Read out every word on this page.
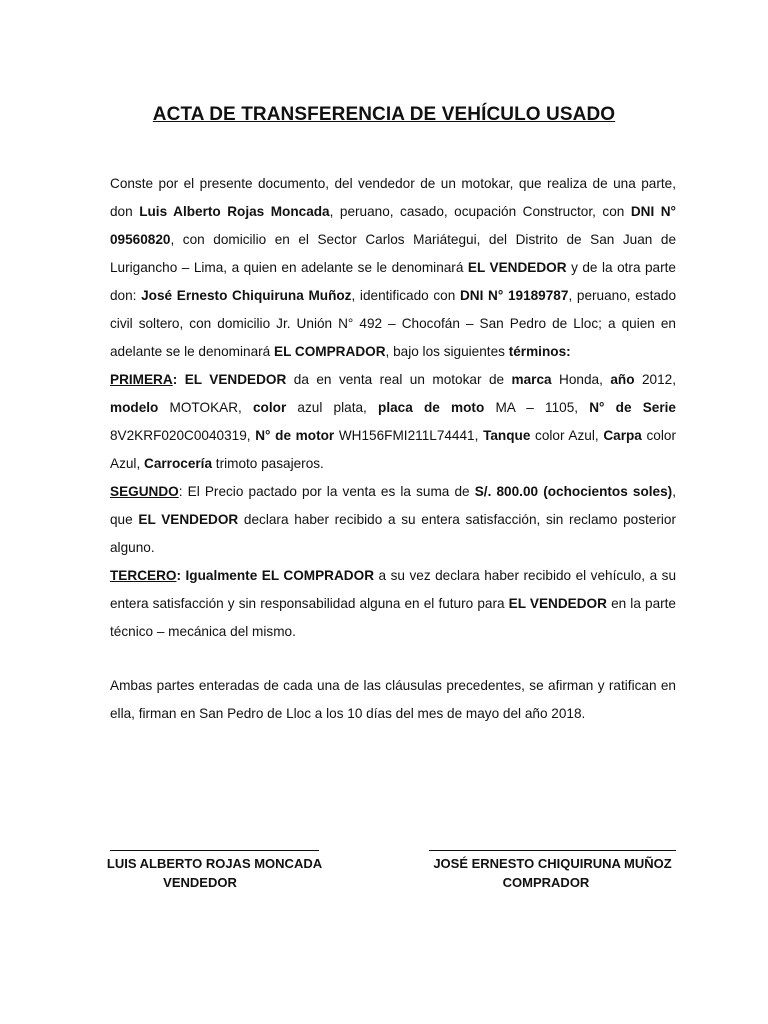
ACTA DE TRANSFERENCIA DE VEHÍCULO USADO

Conste por el presente documento, del vendedor de un motokar, que realiza de una parte, don Luis Alberto Rojas Moncada, peruano, casado, ocupación Constructor, con DNI N° 09560820, con domicilio en el Sector Carlos Mariátegui, del Distrito de San Juan de Lurigancho – Lima, a quien en adelante se le denominará EL VENDEDOR y de la otra parte don: José Ernesto Chiquiruna Muñoz, identificado con DNI N° 19189787, peruano, estado civil soltero, con domicilio Jr. Unión N° 492 – Chocofán – San Pedro de Lloc; a quien en adelante se le denominará EL COMPRADOR, bajo los siguientes términos:

PRIMERA: EL VENDEDOR da en venta real un motokar de marca Honda, año 2012, modelo MOTOKAR, color azul plata, placa de moto MA – 1105, N° de Serie 8V2KRF020C0040319, N° de motor WH156FMI211L74441, Tanque color Azul, Carpa color Azul, Carrocería trimoto pasajeros.

SEGUNDO: El Precio pactado por la venta es la suma de S/. 800.00 (ochocientos soles), que EL VENDEDOR declara haber recibido a su entera satisfacción, sin reclamo posterior alguno.

TERCERO: Igualmente EL COMPRADOR a su vez declara haber recibido el vehículo, a su entera satisfacción y sin responsabilidad alguna en el futuro para EL VENDEDOR en la parte técnico – mecánica del mismo.

Ambas partes enteradas de cada una de las cláusulas precedentes, se afirman y ratifican en ella, firman en San Pedro de Lloc a los 10 días del mes de mayo del año 2018.

LUIS ALBERTO ROJAS MONCADA
VENDEDOR
JOSÉ ERNESTO CHIQUIRUNA MUÑOZ
COMPRADOR
